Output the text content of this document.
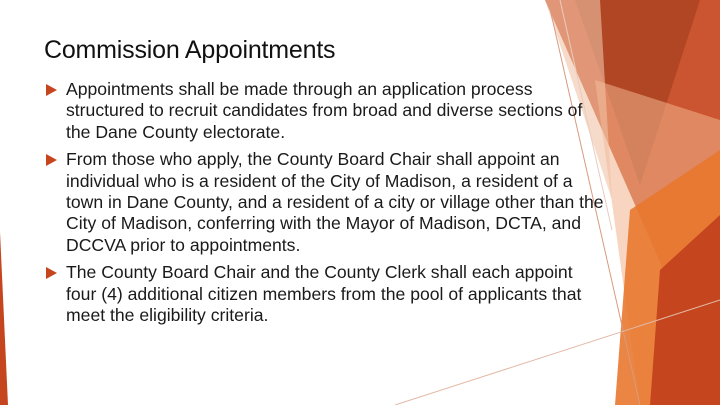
Commission Appointments
Appointments shall be made through an application process structured to recruit candidates from broad and diverse sections of the Dane County electorate.
From those who apply, the County Board Chair shall appoint an individual who is a resident of the City of Madison, a resident of a town in Dane County, and a resident of a city or village other than the City of Madison, conferring with the Mayor of Madison, DCTA, and DCCVA prior to appointments.
The County Board Chair and the County Clerk shall each appoint four (4) additional citizen members from the pool of applicants that meet the eligibility criteria.
